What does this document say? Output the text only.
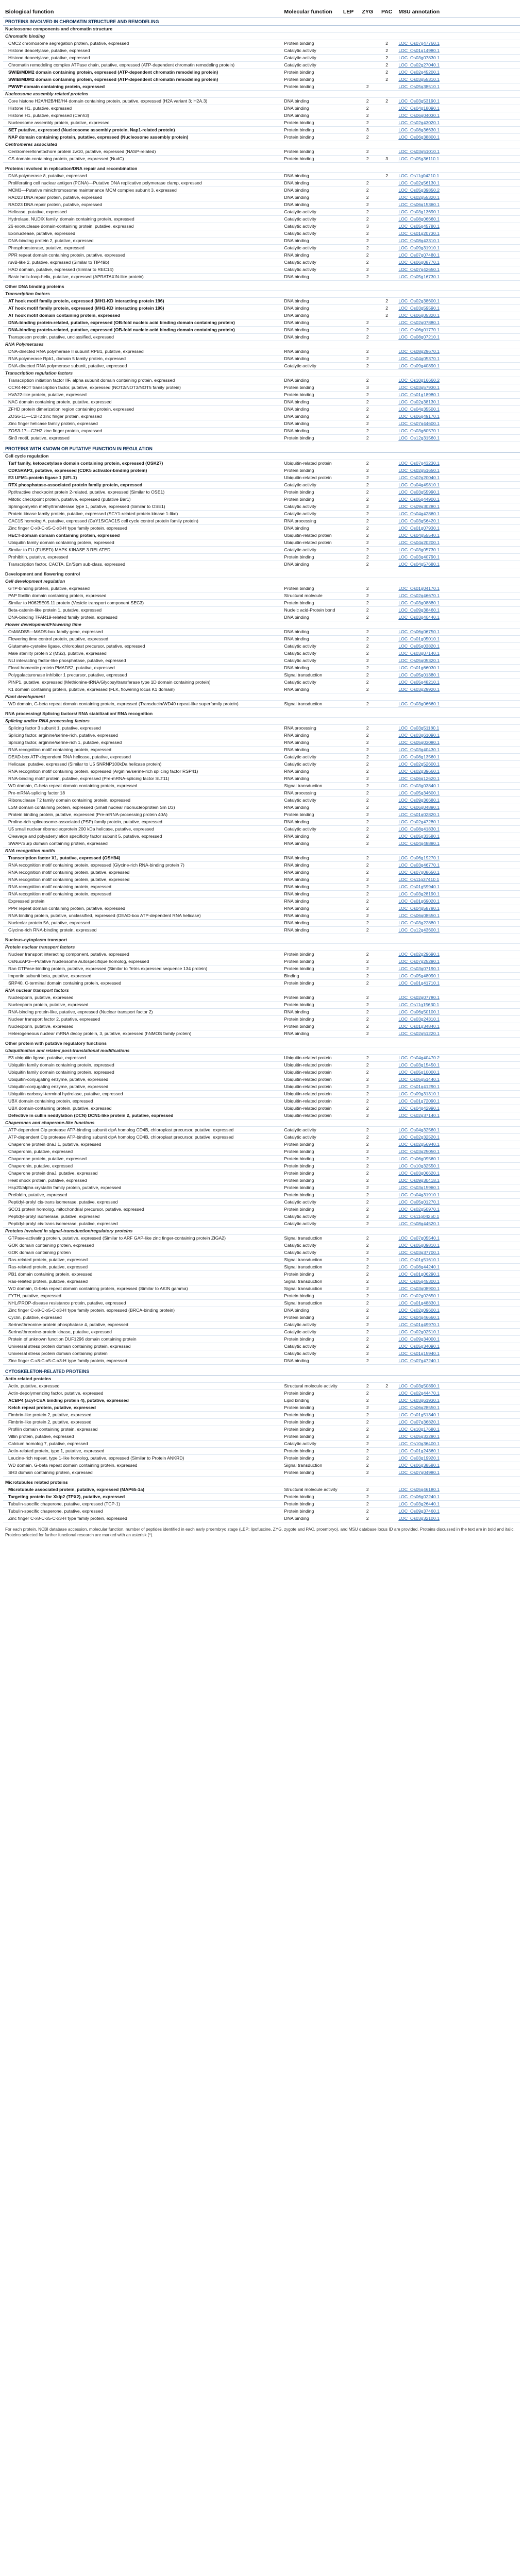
Biological function	Molecular function	LEP	ZYG	PAC	MSU annotation
PROTEINS INVOLVED IN CHROMATIN STRUCTURE AND REMODELING					
Nucleosome components and chromatin structure					
Chromatin binding					
CMC2 chromosome segregation protein, putative, expressed	Protein binding			2	LOC_Os07g47760.1
Histone deacetylase, putative, expressed	Catalytic activity			2	LOC_Os01g14980.1
Histone deacetylase, putative, expressed	Catalytic activity			2	LOC_Os03g07830.1
Chromatin remodeling complex ATPase chain, putative, expressed (ATP-dependent chromatin remodeling protein)	Catalytic activity			2	LOC_Os02g27040.1
SWIB/MDM2 domain containing protein, expressed (ATP-dependent chromatin remodeling protein)	Protein binding			2	LOC_Os02g45200.1
SWIB/MDM2 domain containing protein, expressed (ATP-dependent chromatin remodeling protein)	Protein binding			2	LOC_Os03g55310.1
PWWP domain containing protein, expressed	Protein binding		2		LOC_Os05g38510.1
Nucleosome assembly related proteins					
Core histone H2A/H2B/H3/H4 domain containing protein, putative, expressed (H2A variant 3; H2A.3)	DNA binding		2	2	LOC_Os03g53190.1
Histone H1, putative, expressed	DNA binding		2		LOC_Os04g18090.1
Histone H1, putative, expressed (Cenh3)	DNA binding		2		LOC_Os06g04030.1
Nucleosome assembly protein, putative, expressed	Protein binding		2		LOC_Os02g43020.1
SET putative, expressed (Nucleosome assembly protein, Nap1-related protein)	Protein binding		3		LOC_Os08g36630.1
NAP domain containing protein, putative, expressed (Nucleosome assembly protein)	Protein binding		2		LOC_Os06g38800.1
Centromeres associated					
Centromere/kinetochore protein zw10, putative, expressed (NASP-related)	Protein binding		2		LOC_Os03g51010.1
CS domain containing protein, putative, expressed (NudC)	Protein binding		2	3	LOC_Os05g36110.1

Proteins involved in replication/DNA repair and recombination					
DNA polymerase δ, putative, expressed	DNA binding			2	LOC_Os11g04210.1
Proliferating cell nuclear antigen (PCNA)—Putative DNA replicative polymerase clamp, expressed	DNA binding		2		LOC_Os02g56130.1
MCM3—Putative minichromosome maintenance MCM complex subunit 3, expressed	DNA binding		2		LOC_Os05g39850.2
RAD23 DNA repair protein, putative, expressed	DNA binding		2		LOC_Os02g55320.1
RAD23 DNA repair protein, putative, expressed	DNA binding		2		LOC_Os06g15360.1
Helicase, putative, expressed	Catalytic activity		2		LOC_Os03g13690.1
Hydrolase, NUDIX family, domain containing protein, expressed	Catalytic activity		2		LOC_Os08g06660.1
26 exonuclease domain-containing protein, putative, expressed	Catalytic activity		3		LOC_Os05g45780.1
Exonuclease, putative, expressed	Catalytic activity		2		LOC_Os01g20730.1
DNA-binding protein 2, putative, expressed	DNA binding		2		LOC_Os08g43310.1
Phosphoesterase, putative, expressed	Catalytic activity		2		LOC_Os09g31910.1
PPR repeat domain containing protein, putative, expressed	RNA binding		2		LOC_Os07g07480.1
ruvB-like 2, putative, expressed (Similar to TIP49b)	Catalytic activity		2		LOC_Os06g08770.1
HAD domain, putative, expressed (Similar to REC14)	Catalytic activity		2		LOC_Os07g42650.1
Basic helix-loop-helix, putative, expressed (APRATAXIN-like protein)	DNA binding		2		LOC_Os05g16730.1

Other DNA binding proteins					
Transcription factors					
AT hook motif family protein, expressed (MH1-KD interacting protein 196)	DNA binding			2	LOC_Os02g38600.1
AT hook motif family protein, expressed (MH1-KD interacting protein 196)	DNA binding			2	LOC_Os03g59590.1
AT hook motif domain containing protein, expressed	DNA binding			2	LOC_Os06g05320.1
DNA-binding protein-related, putative, expressed (OB-fold nucleic acid binding domain containing protein)	DNA binding		2		LOC_Os02g07880.1
DNA-binding protein-related, putative, expressed (OB-fold nucleic acid binding domain containing protein)	DNA binding		2		LOC_Os06g01770.1
Transposon protein, putative, unclassified, expressed	DNA binding		2		LOC_Os08g07210.1
RNA Polymerases					
DNA-directed RNA polymerase II subunit RPB1, putative, expressed	RNA binding		2		LOC_Os08g29670.1
RNA polymerase Rpb1, domain 5 family protein, expressed	DNA binding		2		LOC_Os04g05370.1
DNA-directed RNA polymerase subunit, putative, expressed	Catalytic activity		2		LOC_Os09g40890.1
Transcription regulation factors					
Transcription initiation factor IIF, alpha subunit domain containing protein, expressed	DNA binding		2		LOC_Os10g16660.2
CCR4-NOT transcription factor, putative, expressed (NOT2/NOT3/NOT5 family protein)	Protein binding		3		LOC_Os03g57930.1
HVA22-like protein, putative, expressed	Protein binding		2		LOC_Os01g18980.1
NAC domain containing protein, putative, expressed	DNA binding		2		LOC_Os02g38130.1
ZFHD protein dimerization region containing protein, expressed	DNA binding		2		LOC_Os04g35500.1
ZOS6-11—C2H2 zinc finger protein, expressed	DNA binding		2		LOC_Os06g49170.1
Zinc finger helicase family protein, expressed	DNA binding		2		LOC_Os07g44600.1
ZOS3-17—C2H2 zinc finger protein, expressed	DNA binding		2		LOC_Os03g60570.1
Sin3 motif, putative, expressed	Protein binding		2		LOC_Os12g31560.1

PROTEINS WITH KNOWN OR PUTATIVE FUNCTION IN REGULATION					
Cell cycle regulation					
Tarf family, ketoacetylase domain containing protein, expressed (OSK27)	Ubiquitin-related protein		2		LOC_Os07g43230.1
CDK5RAP3, putative, expressed (CDK5 activator-binding protein)	Protein binding		2		LOC_Os02g51650.1
E3 UFM1-protein ligase 1 (UFL1)	Ubiquitin-related protein		2		LOC_Os02g20040.1
RTX phosphatase-associated protein family protein, expressed	Catalytic activity		2		LOC_Os04g49810.1
Ppt/tractive checkpoint protein 2-related, putative, expressed (Similar to OSE1)	Protein binding		2		LOC_Os03g55990.1
Mitotic checkpoint protein, putative, expressed (putative Bar1)	Protein binding		2		LOC_Os05g44900.1
Sphingomyelin methyltransferase type 1, putative, expressed (Similar to OSE1)	Catalytic activity		2		LOC_Os09g30280.1
Protein kinase family protein, putative, expressed (SCY1-related protein kinase 1-like)	Catalytic activity		2		LOC_Os04g42860.1
CAC1S homolog A, putative, expressed (CaY1S/CAC1S cell cycle control protein family protein)	RNA processing		2		LOC_Os03g56420.1
Zinc finger C-x8-C-x5-C-x3-H type family protein, expressed	DNA binding		2		LOC_Os01g07930.1
HECT-domain domain containing protein, expressed	Ubiquitin-related protein		2		LOC_Os04g55540.1
Ubiquitin family domain containing protein, expressed	Ubiquitin-related protein		2		LOC_Os04g20200.1
Similar to FU (FUSED) MAPK KINASE 3 RELATED	Catalytic activity		2		LOC_Os03g05730.1
Prohibitin, putative, expressed	Protein binding		2		LOC_Os03g40790.1
Transcription factor, CACTA, En/Spm sub-class, expressed	DNA binding		2		LOC_Os04g57680.1

Development and flowering control					
Cell development regulation					
GTP-binding protein, putative, expressed	Protein binding		2		LOC_Os01g04170.1
PAP fibrillin domain containing protein, expressed	Structural molecule		2		LOC_Os02g46670.1
Similar to H0625E05.11 protein (Vesicle transport component SEC3)	Protein binding		2		LOC_Os03g08880.1
Beta-catenin-like protein 1, putative, expressed	Nucleic acid-Protein bond		2		LOC_Os09g38460.1
DNA-binding TFAR19-related family protein, expressed	DNA binding		2		LOC_Os03g40440.1
Flower development/Flowering time					
OsMADS5—MADS-box family gene, expressed	DNA binding		2		LOC_Os06g06750.1
Flowering time control protein, putative, expressed	RNA binding		2		LOC_Os01g05010.1
Glutamate-cysteine ligase, chloroplast precursor, putative, expressed	Catalytic activity		2		LOC_Os05g03820.1
Male sterility protein 2 (MS2), putative, expressed	Catalytic activity		2		LOC_Os03g07140.1
NLI interacting factor-like phosphatase, putative, expressed	Catalytic activity		2		LOC_Os05g05320.1
Floral homeotic protein PMADS2, putative, expressed	DNA binding		2		LOC_Os01g66030.1
Polygalacturonase inhibitor 1 precursor, putative, expressed	Signal transduction		2		LOC_Os05g01380.1
PINP1, putative, expressed (Methionine-tRNA/Glycosyltransferase type 1D domain containing protein)	Catalytic activity		2		LOC_Os05g48210.1
K1 domain containing protein, putative, expressed (FLK, flowering locus K1 domain)	RNA binding		2		LOC_Os03g29920.1
Plant development					
WD domain, G-beta repeat domain containing protein, expressed (Transducin/WD40 repeat-like superfamily protein)	Signal transduction		2		LOC_Os03g06660.1

RNA processing/ Splicing factors/ RNA stabilization/ RNA recognition					
Splicing and/or RNA processing factors					
Splicing factor 3 subunit 1, putative, expressed	RNA processing		2		LOC_Os03g51180.1
Splicing factor, arginine/serine-rich, putative, expressed	RNA binding		2		LOC_Os03g61090.1
Splicing factor, arginine/serine-rich 1, putative, expressed	RNA binding		2		LOC_Os05g03080.1
RNA recognition motif containing protein, expressed	RNA binding		2		LOC_Os03g40430.1
DEAD-box ATP-dependent RNA helicase, putative, expressed	Catalytic activity		2		LOC_Os08g13560.1
Helicase, putative, expressed (Similar to U5 SNRNP100kDa helicase protein)	Catalytic activity		2		LOC_Os02g52600.1
RNA recognition motif containing protein, expressed (Arginine/serine-rich splicing factor RSP41)	RNA binding		2		LOC_Os02g39660.1
RNA-binding motif protein, putative, expressed (Pre-mRNA-splicing factor SLT11)	RNA binding		2		LOC_Os06g12620.1
WD domain, G-beta repeat domain containing protein, expressed	Signal transduction		2		LOC_Os03g03840.1
Pre-mRNA-splicing factor 18	RNA processing		2		LOC_Os05g34600.1
Ribonuclease T2 family domain containing protein, expressed	Catalytic activity		2		LOC_Os09g36680.1
LSM domain containing protein, expressed (Small nuclear ribonucleoprotein Sm D3)	RNA binding		2		LOC_Os06g04890.1
Protein binding protein, putative, expressed (Pre-mRNA-processing protein 40A)	Protein binding		2		LOC_Os01g02820.1
Proline-rich spliceosome-associated (PSP) family protein, putative, expressed	RNA binding		2		LOC_Os02g47280.1
U5 small nuclear ribonucleoprotein 200 kDa helicase, putative, expressed	Catalytic activity		2		LOC_Os08g41830.1
Cleavage and polyadenylation specificity factor subunit 5, putative, expressed	RNA binding		2		LOC_Os05g33580.1
SWAP/Surp domain containing protein, expressed	RNA binding		2		LOC_Os04g48880.1
RNA recognition motifs					
Transcription factor X1, putative, expressed (OSH94)	RNA binding		2		LOC_Os06g19270.1
RNA recognition motif containing protein, expressed (Glycine-rich RNA-binding protein 7)	RNA binding		2		LOC_Os03g46770.1
RNA recognition motif containing protein, putative, expressed	RNA binding		2		LOC_Os07g08650.1
RNA recognition motif containing protein, putative, expressed	RNA binding		2		LOC_Os11g37410.1
RNA recognition motif containing protein, expressed	RNA binding		2		LOC_Os01g59940.1
RNA recognition motif containing protein, expressed	RNA binding		2		LOC_Os03g28190.1
Expressed protein	RNA binding		2		LOC_Os01g69020.1
PPR repeat domain containing protein, putative, expressed	RNA binding		2		LOC_Os04g58780.1
RNA binding protein, putative, unclassified, expressed (DEAD-box ATP-dependent RNA helicase)	RNA binding		2		LOC_Os06g08550.1
Nucleolar protein 5A, putative, expressed	RNA binding		2		LOC_Os03g22880.1
Glycine-rich RNA-binding protein, expressed	RNA binding		2		LOC_Os12g43600.1

Nucleus-cytoplasm transport					
Protein nuclear transport factors					
Nuclear transport interacting component, putative, expressed	Protein binding		2		LOC_Os02g29690.1
OsNucAP3—Putative Nucleosome Autospecifique homolog, expressed	Protein binding		2		LOC_Os07g25290.1
Ran GTPase-binding protein, putative, expressed (Similar to Tetris expressed sequence 134 protein)	Protein binding		2		LOC_Os03g07190.1
Importin subunit beta, putative, expressed	Binding		2		LOC_Os05g48090.1
SRP40, C-terminal domain containing protein, expressed	Protein binding		2		LOC_Os01g41710.1
RNA nuclear transport factors					
Nucleoporin, putative, expressed	Protein binding		2		LOC_Os02g07780.1
Nucleoporin protein, putative, expressed	Protein binding		2		LOC_Os11g15630.1
RNA-binding protein-like, putative, expressed (Nuclear transport factor 2)	RNA binding		2		LOC_Os06g50100.1
Nuclear transport factor 2, putative, expressed	Protein binding		2		LOC_Os03g24310.1
Nucleoporin, putative, expressed	Protein binding		2		LOC_Os01g34840.1
Heterogeneous nuclear mRNA decoy protein, 3, putative, expressed (hNMOS family protein)	RNA binding		2		LOC_Os02g51220.1

Other protein with putative regulatory functions					
Ubiquitination and related post-translational modifications					
E3 ubiquitin ligase, putative, expressed	Ubiquitin-related protein		2		LOC_Os04g40470.2
Ubiquitin family domain containing protein, expressed	Ubiquitin-related protein		2		LOC_Os03g15450.1
Ubiquitin family domain containing protein, expressed	Ubiquitin-related protein		2		LOC_Os05g10000.1
Ubiquitin-conjugating enzyme, putative, expressed	Ubiquitin-related protein		2		LOC_Os05g51440.1
Ubiquitin-conjugating enzyme, putative, expressed	Ubiquitin-related protein		2		LOC_Os01g41290.1
Ubiquitin carboxyl-terminal hydrolase, putative, expressed	Ubiquitin-related protein		2		LOC_Os09g31310.1
UBX domain containing protein, expressed	Ubiquitin-related protein		2		LOC_Os01g72090.1
UBX domain-containing protein, putative, expressed	Ubiquitin-related protein		2		LOC_Os04g42990.1
Defective in cullin neddylation (DCN) DCN1-like protein 2, putative, expressed	Ubiquitin-related protein		2		LOC_Os02g37140.1
Chaperones and chaperone-like functions					
ATP-dependent Clp protease ATP-binding subunit clpA homolog CD4B, chloroplast precursor, putative, expressed	Catalytic activity		2		LOC_Os04g32560.1
ATP-dependent Clp protease ATP-binding subunit clpA homolog CD4B, chloroplast precursor, putative, expressed	Catalytic activity		2		LOC_Os02g32520.1
Chaperone protein dnaJ 1, putative, expressed	Protein binding		2		LOC_Os02g56940.1
Chaperonin, putative, expressed	Protein binding		2		LOC_Os03g25050.1
Chaperone protein, putative, expressed	Protein binding		2		LOC_Os06g09560.1
Chaperonin, putative, expressed	Protein binding		2		LOC_Os10g32550.1
Chaperone protein dnaJ, putative, expressed	Protein binding		2		LOC_Os03g06620.1
Heat shock protein, putative, expressed	Protein binding		2		LOC_Os09g30418.1
Hsp20/alpha crystallin family protein, putative, expressed	Protein binding		2		LOC_Os03g15960.1
Prefoldin, putative, expressed	Protein binding		2		LOC_Os04g31910.1
Peptidyl-prolyl cis-trans isomerase, putative, expressed	Catalytic activity		2		LOC_Os05g01270.1
SCO1 protein homolog, mitochondrial precursor, putative, expressed	Protein binding		2		LOC_Os02g50970.1
Peptidyl-prolyl isomerase, putative, expressed	Catalytic activity		2		LOC_Os11g04250.1
Peptidyl-prolyl cis-trans isomerase, putative, expressed	Catalytic activity		2		LOC_Os08g44520.1
Proteins involved in signal-transduction/regulatory proteins					
GTPase-activating protein, putative, expressed (Similar to ARF GAP-like zinc finger-containing protein ZIGA2)	Signal transduction		2		LOC_Os07g05540.1
GOK domain containing protein, expressed	Catalytic activity		2		LOC_Os05g09810.1
GOK domain containing protein	Catalytic activity		2		LOC_Os03g37700.1
Ras-related protein, putative, expressed	Signal transduction		2		LOC_Os01g51610.1
Ras-related protein, putative, expressed	Signal transduction		2		LOC_Os08g44240.1
PB1 domain containing protein, expressed	Protein binding		2		LOC_Os01g06290.1
Ras-related protein, putative, expressed	Signal transduction		2		LOC_Os05g45300.1
WD domain, G-beta repeat domain containing protein, expressed (Similar to AKIN gamma)	Signal transduction		2		LOC_Os03g08900.1
FYTH, putative, expressed	Protein binding		2		LOC_Os02g02650.1
NHL/PROP-disease resistance protein, putative, expressed	Signal transduction		2		LOC_Os01g48830.1
Zinc finger C-x8-C-x5-C-x3-H type family protein, expressed (BRCA-binding protein)	DNA binding		2		LOC_Os02g09600.1
Cyclin, putative, expressed	Protein binding		2		LOC_Os04g46660.1
Serine/threonine-protein phosphatase 4, putative, expressed	Catalytic activity		2		LOC_Os01g49970.1
Serine/threonine-protein kinase, putative, expressed	Catalytic activity		2		LOC_Os02g02510.1
Protein of unknown function DUF1296 domain containing protein	Protein binding		2		LOC_Os09g34000.1
Universal stress protein domain containing protein, expressed	Catalytic activity		2		LOC_Os05g34090.1
Universal stress protein domain containing protein	Catalytic activity		2		LOC_Os01g15940.1
Zinc finger C-x8-C-x5-C-x3-H type family protein, expressed	DNA binding		2		LOC_Os07g47240.1

CYTOSKELETON-RELATED PROTEINS					
Actin related proteins					
Actin, putative, expressed	Structural molecule activity		2	2	LOC_Os03g50890.1
Actin-depolymerizing factor, putative, expressed	Protein binding		2		LOC_Os02g44470.1
ACBP4 (acyl-CoA binding protein 4), putative, expressed	Lipid binding		2		LOC_Os03g61930.1
Kelch repeat protein, putative, expressed	Protein binding		2		LOC_Os06g28550.1
Fimbrin-like protein 2, putative, expressed	Protein binding		2		LOC_Os01g51340.1
Fimbrin-like protein 2, putative, expressed	Protein binding		2		LOC_Os07g36820.1
Profilin domain containing protein, expressed	Protein binding		2		LOC_Os10g17680.1
Villin protein, putative, expressed	Protein binding		2		LOC_Os05g33290.1
Calcium homolog 7, putative, expressed	Catalytic activity		2		LOC_Os10g36400.1
Actin-related protein, type 1, putative, expressed	Protein binding		2		LOC_Os01g24360.1
Leucine-rich repeat, type 1-like homolog, putative, expressed (Similar to Protein ANKRD)	Protein binding		2		LOC_Os03g19920.1
WD domain, G-beta repeat domain containing protein, expressed	Signal transduction		2		LOC_Os06g38580.1
SH3 domain containing protein, expressed	Protein binding		2		LOC_Os07g04980.1

Microtubules related proteins					
Microtubule associated protein, putative, expressed (MAP65-1a)	Structural molecule activity		2		LOC_Os05g46180.1
Targeting protein for Xklp2 (TPX2), putative, expressed	Protein binding		2		LOC_Os06g02240.1
Tubulin-specific chaperone, putative, expressed (TCP-1)	Protein binding		2		LOC_Os03g26440.1
Tubulin-specific chaperone, putative, expressed	Protein binding		2		LOC_Os09g37460.1
Zinc finger C-x8-C-x5-C-x3-H type family protein, expressed	DNA binding		2		LOC_Os03g32100.1
For each protein, NCBI database accession, molecular function, number of peptides identified in each early proembryo stage (LEP; lipofuscine, ZYG, zygote and PAC, proembryo), and MSU database locus ID are provided. Proteins discussed in the text are in bold and italic. Proteins selected for further functional research are marked with an asterisk (*).
